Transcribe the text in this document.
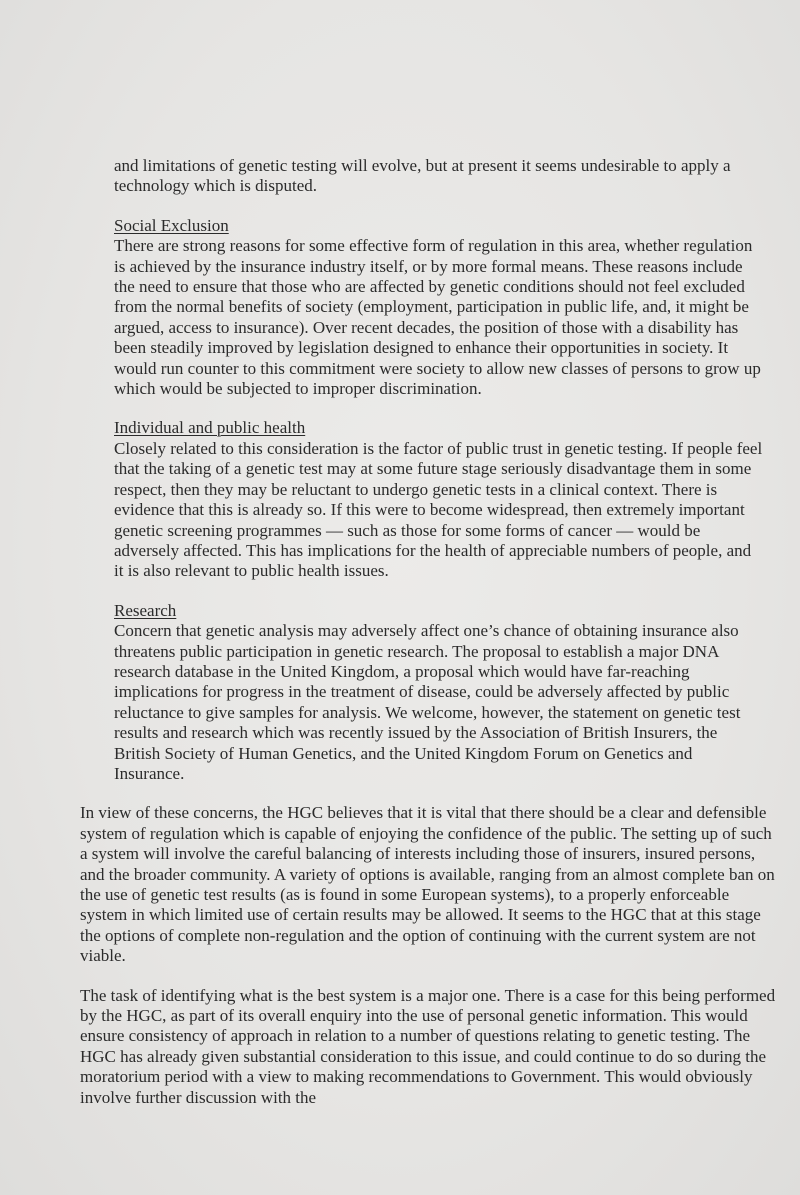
and limitations of genetic testing will evolve, but at present it seems undesirable to apply a technology which is disputed.

Social Exclusion

There are strong reasons for some effective form of regulation in this area, whether regulation is achieved by the insurance industry itself, or by more formal means. These reasons include the need to ensure that those who are affected by genetic conditions should not feel excluded from the normal benefits of society (employment, participation in public life, and, it might be argued, access to insurance). Over recent decades, the position of those with a disability has been steadily improved by legislation designed to enhance their opportunities in society. It would run counter to this commitment were society to allow new classes of persons to grow up which would be subjected to improper discrimination.

Individual and public health

Closely related to this consideration is the factor of public trust in genetic testing. If people feel that the taking of a genetic test may at some future stage seriously disadvantage them in some respect, then they may be reluctant to undergo genetic tests in a clinical context. There is evidence that this is already so. If this were to become widespread, then extremely important genetic screening programmes — such as those for some forms of cancer — would be adversely affected. This has implications for the health of appreciable numbers of people, and it is also relevant to public health issues.

Research

Concern that genetic analysis may adversely affect one’s chance of obtaining insurance also threatens public participation in genetic research. The proposal to establish a major DNA research database in the United Kingdom, a proposal which would have far-reaching implications for progress in the treatment of disease, could be adversely affected by public reluctance to give samples for analysis. We welcome, however, the statement on genetic test results and research which was recently issued by the Association of British Insurers, the British Society of Human Genetics, and the United Kingdom Forum on Genetics and Insurance.

In view of these concerns, the HGC believes that it is vital that there should be a clear and defensible system of regulation which is capable of enjoying the confidence of the public. The setting up of such a system will involve the careful balancing of interests including those of insurers, insured persons, and the broader community. A variety of options is available, ranging from an almost complete ban on the use of genetic test results (as is found in some European systems), to a properly enforceable system in which limited use of certain results may be allowed. It seems to the HGC that at this stage the options of complete non-regulation and the option of continuing with the current system are not viable.

The task of identifying what is the best system is a major one. There is a case for this being performed by the HGC, as part of its overall enquiry into the use of personal genetic information. This would ensure consistency of approach in relation to a number of questions relating to genetic testing. The HGC has already given substantial consideration to this issue, and could continue to do so during the moratorium period with a view to making recommendations to Government. This would obviously involve further discussion with the
